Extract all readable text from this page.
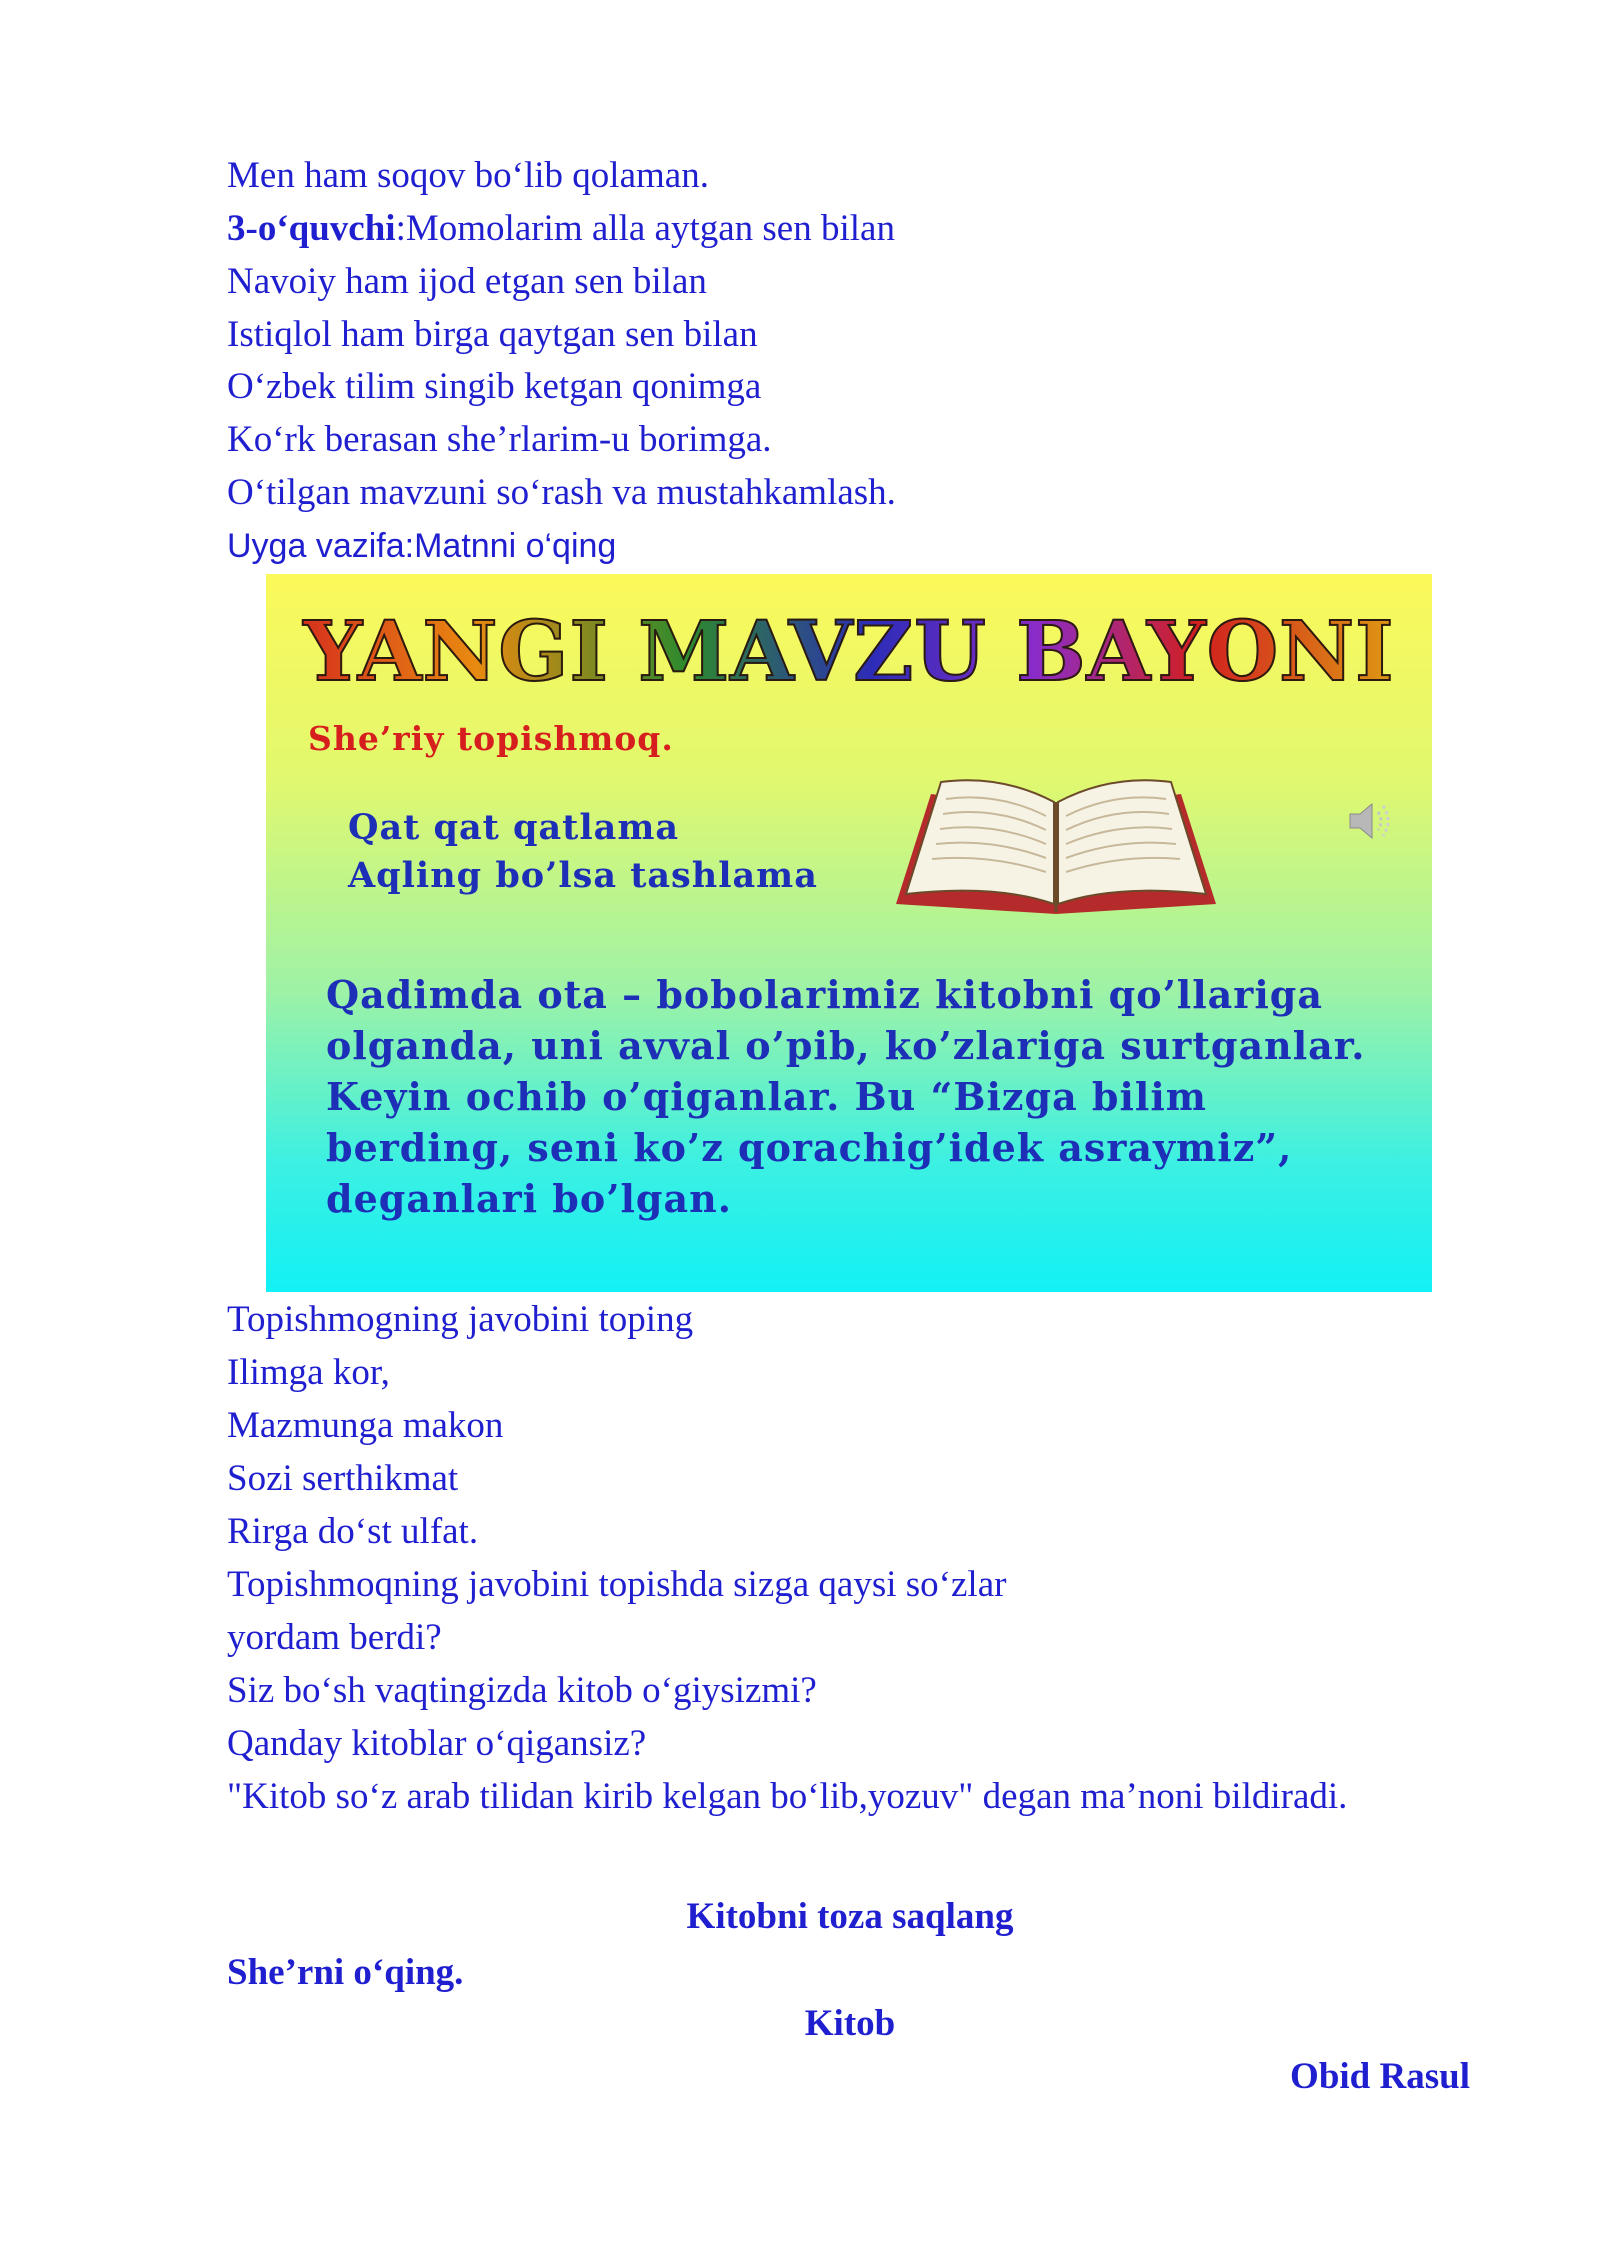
Men ham soqov bo‘lib qolaman.
3-o‘quvchi:Momolarim alla aytgan sen bilan
Navoiy ham ijod etgan sen bilan
Istiqlol ham birga qaytgan sen bilan
O‘zbek tilim singib ketgan qonimga
Ko‘rk berasan she’rlarim-u borimga.
O‘tilgan mavzuni so‘rash va mustahkamlash.
Uyga vazifa:Matnni o‘qing
YANGI MAVZU BAYONI
She’riy topishmoq.
Qat qat qatlama
Aqling bo’lsa tashlama
Qadimda ota – bobolarimiz kitobni qo’llariga
olganda, uni avval o’pib, ko’zlariga surtganlar.
Keyin ochib o’qiganlar. Bu “Bizga bilim
berding, seni ko’z qorachig’idek asraymiz”,
deganlari bo’lgan.
Topishmogning javobini toping
Ilimga kor,
Mazmunga makon
Sozi serthikmat
Rirga do‘st ulfat.
Topishmoqning javobini topishda sizga qaysi so‘zlar
yordam berdi?
Siz bo‘sh vaqtingizda kitob o‘giysizmi?
Qanday kitoblar o‘qigansiz?
"Kitob so‘z arab tilidan kirib kelgan bo‘lib,yozuv" degan ma’noni bildiradi.
Kitobni toza saqlang
She’rni o‘qing.
Kitob
Obid Rasul
